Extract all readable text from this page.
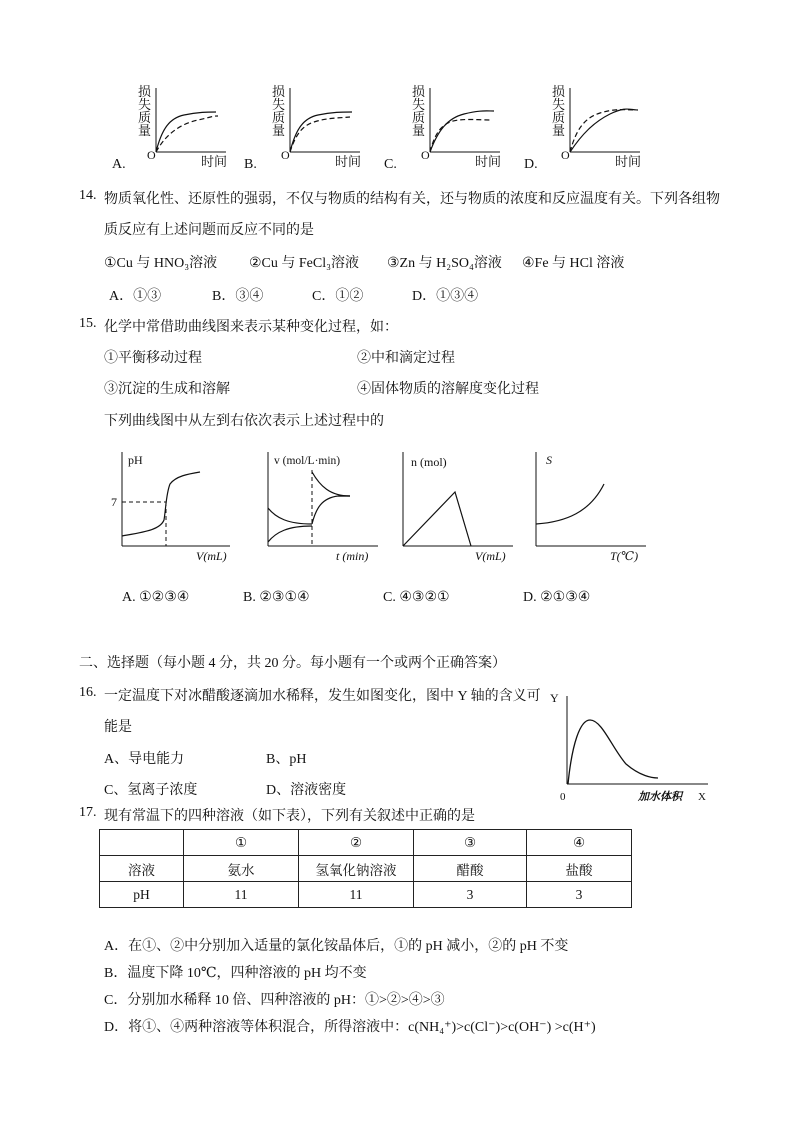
损
失
质
量
O	时间
A.
损
失
质
量
O	时间
B.
损
失
质
量
O	时间
C.
损
失
质
量
O	时间
D.
14. 物质氧化性、还原性的强弱，不仅与物质的结构有关，还与物质的浓度和反应温度有关。下列各组物
质反应有上述问题而反应不同的是
①Cu 与 HNO₃溶液 ②Cu 与 FeCl₃溶液 ③Zn 与 H₂SO₄溶液 ④Fe 与 HCl 溶液
A．①③	B．③④	C．①②	D．①③④
15. 化学中常借助曲线图来表示某种变化过程，如：
①平衡移动过程	②中和滴定过程
③沉淀的生成和溶解	④固体物质的溶解度变化过程
下列曲线图中从左到右依次表示上述过程中的
pH
7
V(mL)
v (mol/L·min)
t (min)
n (mol)
V(mL)
S
T(℃)
A. ①②③④	B. ②③①④	C. ④③②①	D. ②①③④
二、选择题（每小题 4 分，共 20 分。每小题有一个或两个正确答案）
16. 一定温度下对冰醋酸逐滴加水稀释，发生如图变化，图中 Y 轴的含义可
能是
A、导电能力	B、pH
C、氢离子浓度	D、溶液密度
Y
0	加水体积 X
17. 现有常温下的四种溶液（如下表），下列有关叙述中正确的是
	①	②	③	④
溶液	氨水	氢氧化钠溶液	醋酸	盐酸
pH	11	11	3	3
A．在①、②中分别加入适量的氯化铵晶体后，①的 pH 减小，②的 pH 不变
B．温度下降 10℃，四种溶液的 pH 均不变
C．分别加水稀释 10 倍、四种溶液的 pH：①>②>④>③
D．将①、④两种溶液等体积混合，所得溶液中：c(NH₄⁺)>c(Cl⁻)>c(OH⁻) >c(H⁺)
